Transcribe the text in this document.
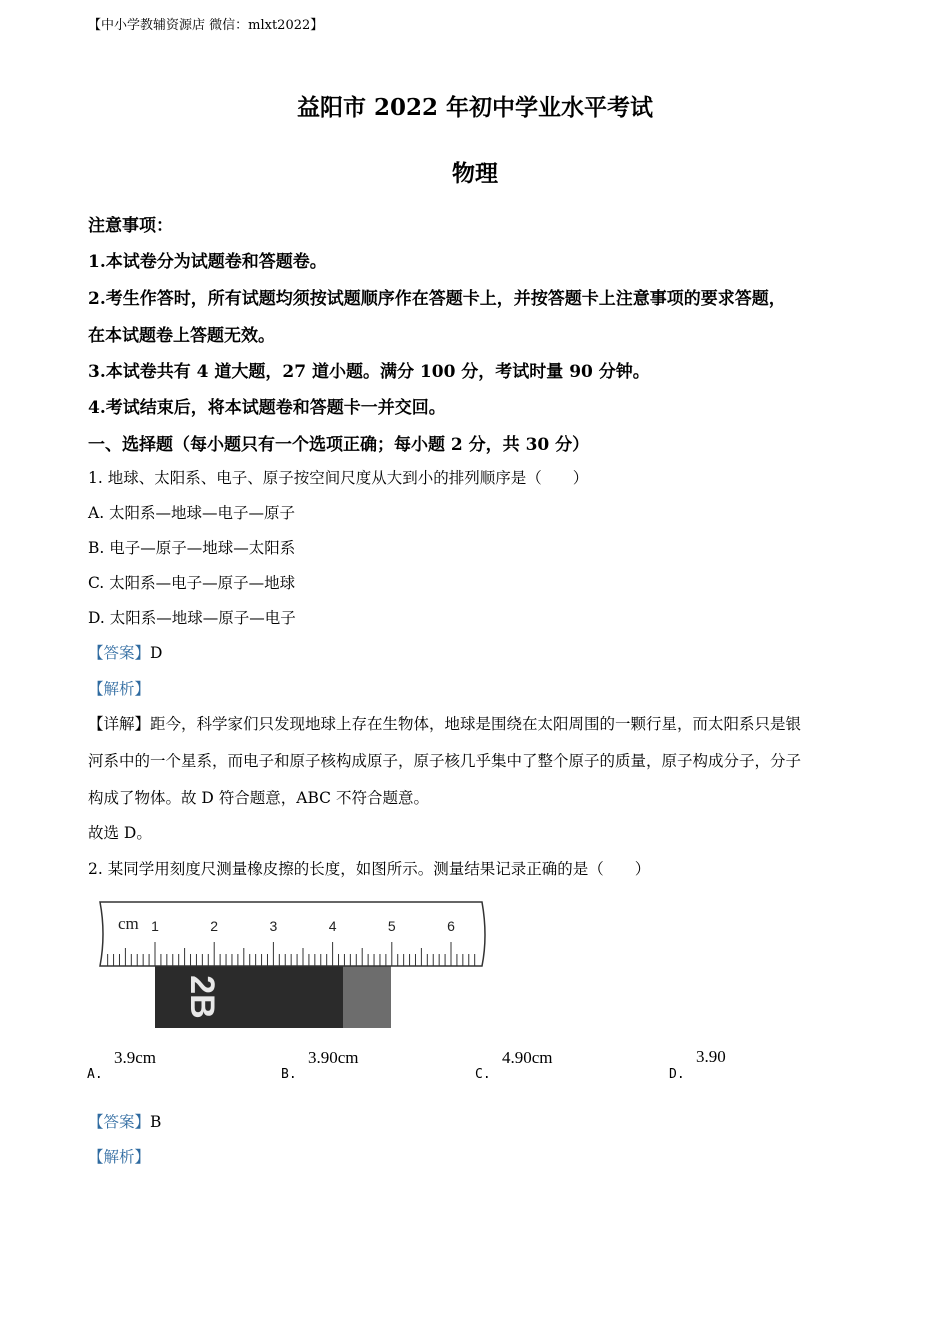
【中小学教辅资源店 微信：mlxt2022】
益阳市 2022 年初中学业水平考试
物理
注意事项：
1.本试卷分为试题卷和答题卷。
2.考生作答时，所有试题均须按试题顺序作在答题卡上，并按答题卡上注意事项的要求答题，
在本试题卷上答题无效。
3.本试卷共有 4 道大题，27 道小题。满分 100 分，考试时量 90 分钟。
4.考试结束后，将本试题卷和答题卡一并交回。
一、选择题（每小题只有一个选项正确；每小题 2 分，共 30 分）
1. 地球、太阳系、电子、原子按空间尺度从大到小的排列顺序是（　　）
A. 太阳系—地球—电子—原子
B. 电子—原子—地球—太阳系
C. 太阳系—电子—原子—地球
D. 太阳系—地球—原子—电子
【答案】D
【解析】
【详解】距今，科学家们只发现地球上存在生物体，地球是围绕在太阳周围的一颗行星，而太阳系只是银
河系中的一个星系，而电子和原子核构成原子，原子核几乎集中了整个原子的质量，原子构成分子，分子
构成了物体。故 D 符合题意，ABC 不符合题意。
故选 D。
2. 某同学用刻度尺测量橡皮擦的长度，如图所示。测量结果记录正确的是（　　）
2B
cm 1	2	3	4	5	6
A.
3.9cm
B.
3.90cm
C.
4.90cm
D.
3.90
【答案】B
【解析】
